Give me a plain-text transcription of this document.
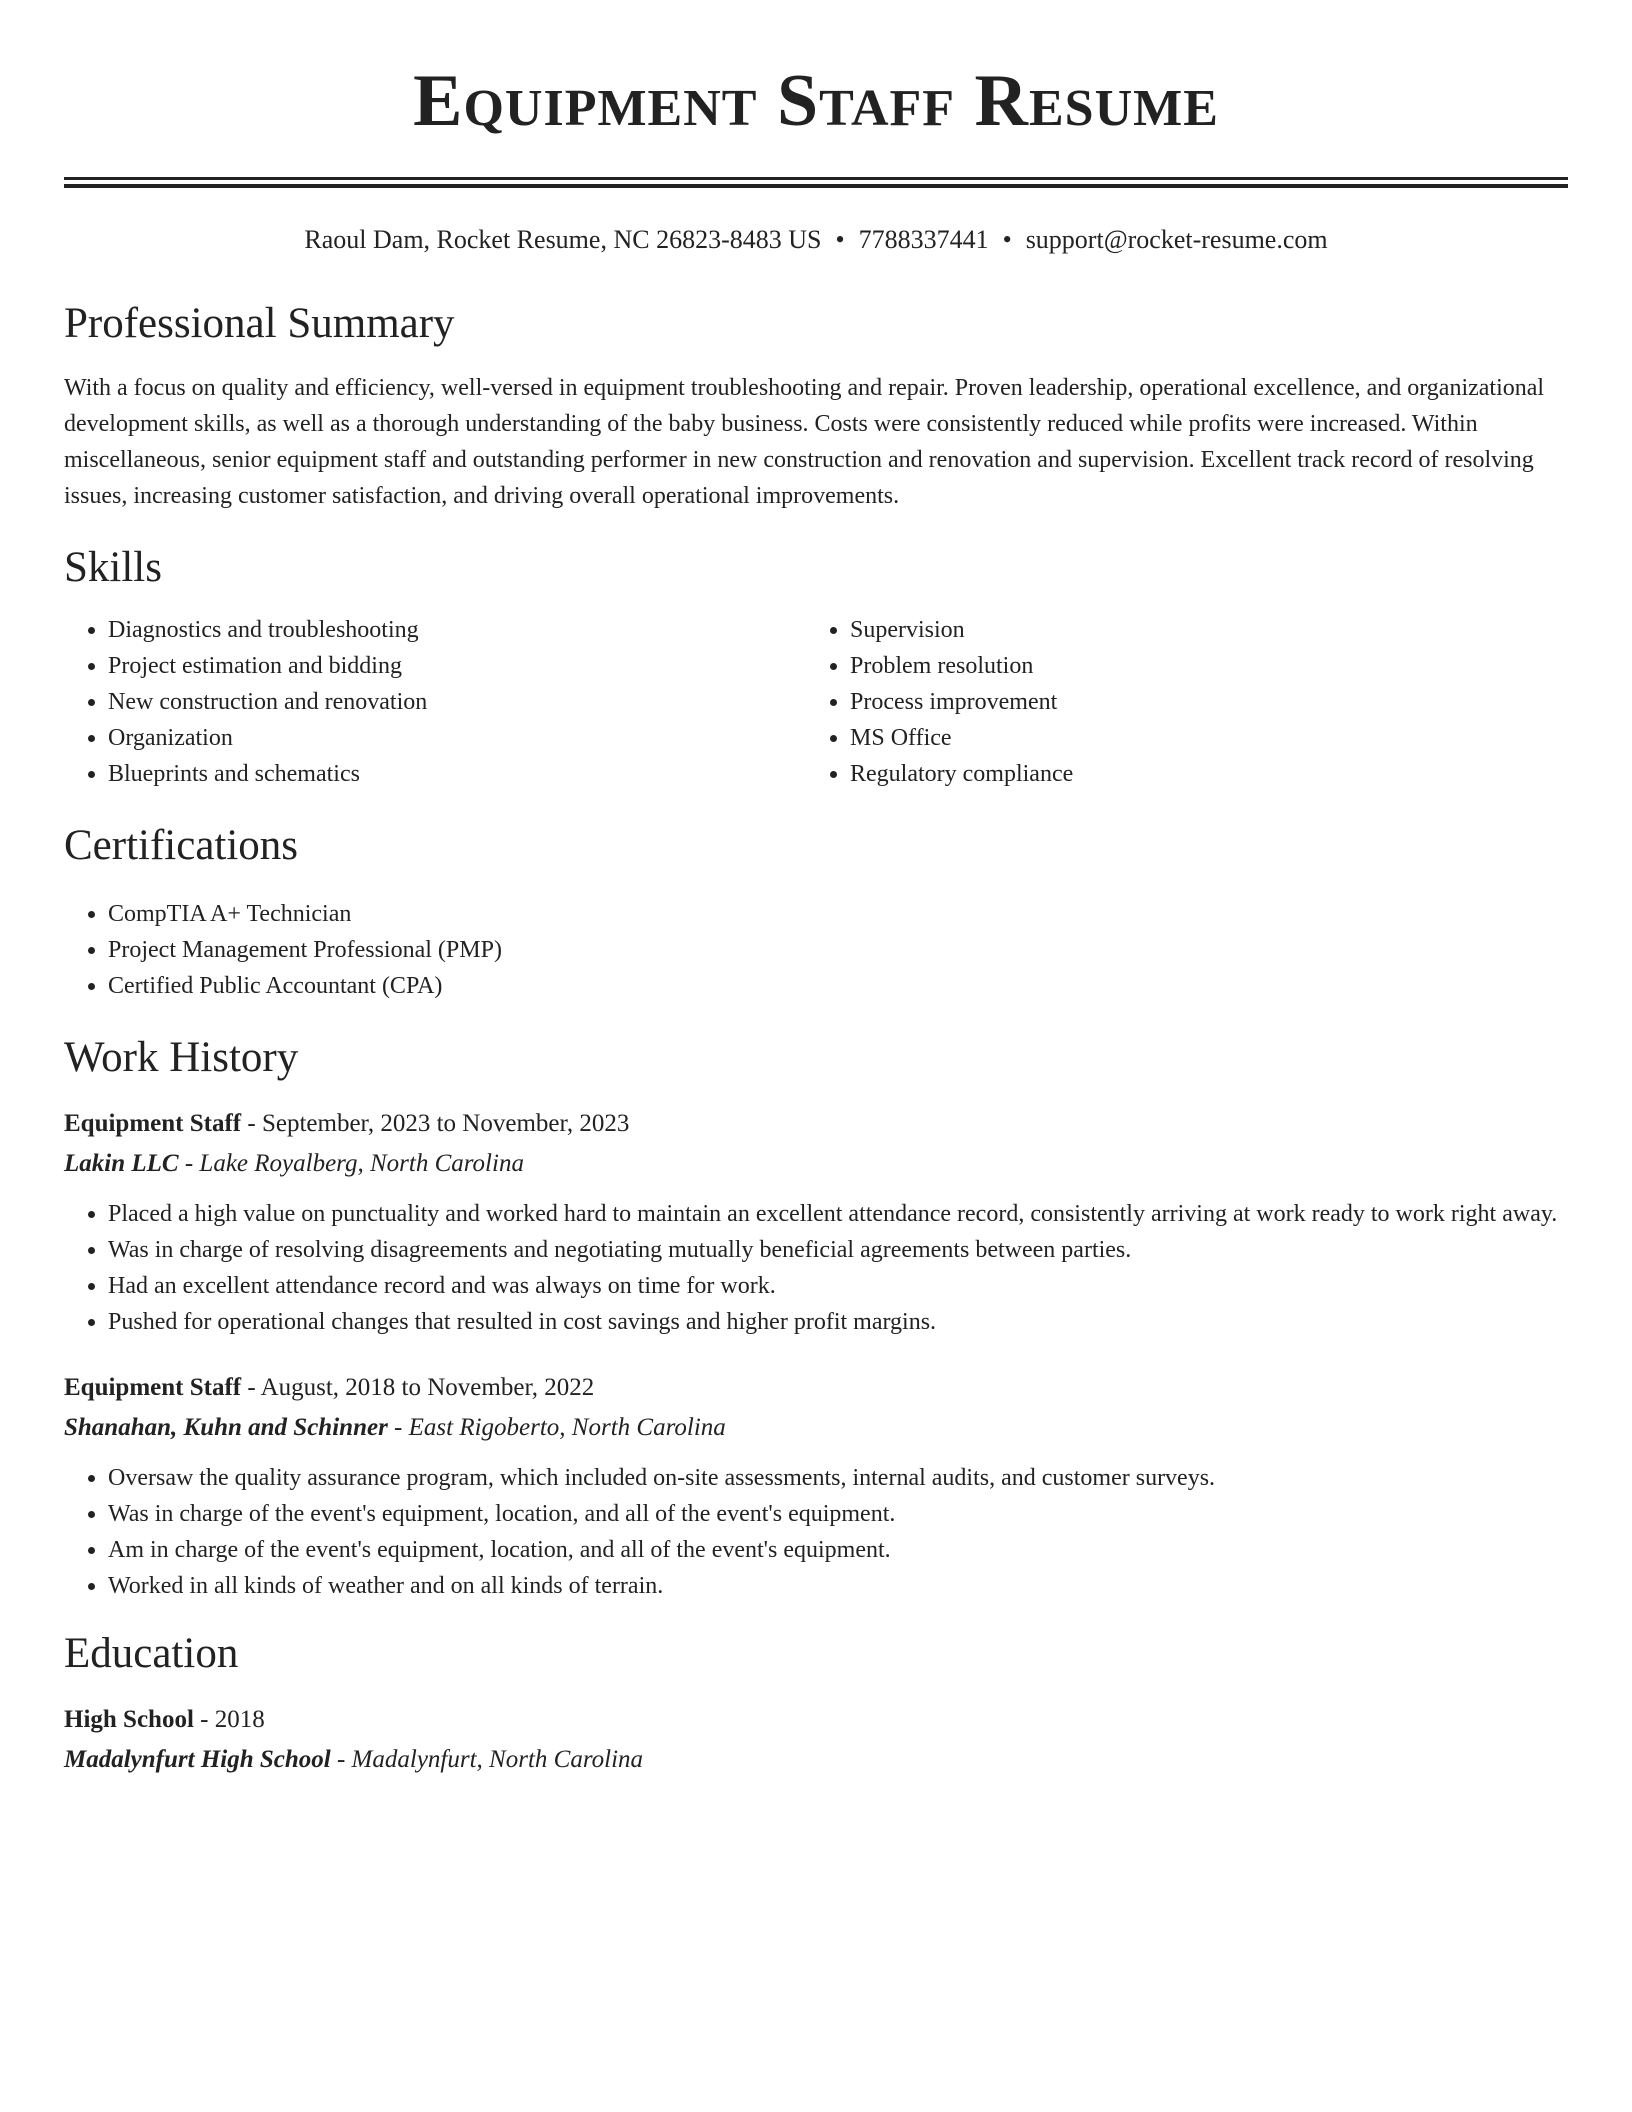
Equipment Staff Resume
Raoul Dam, Rocket Resume, NC 26823-8483 US • 7788337441 • support@rocket-resume.com
Professional Summary

With a focus on quality and efficiency, well-versed in equipment troubleshooting and repair. Proven leadership, operational excellence, and organizational development skills, as well as a thorough understanding of the baby business. Costs were consistently reduced while profits were increased. Within miscellaneous, senior equipment staff and outstanding performer in new construction and renovation and supervision. Excellent track record of resolving issues, increasing customer satisfaction, and driving overall operational improvements.

Skills
• Diagnostics and troubleshooting
• Project estimation and bidding
• New construction and renovation
• Organization
• Blueprints and schematics
• Supervision
• Problem resolution
• Process improvement
• MS Office
• Regulatory compliance
Certifications
• CompTIA A+ Technician
• Project Management Professional (PMP)
• Certified Public Accountant (CPA)
Work History
Equipment Staff - September, 2023 to November, 2023
Lakin LLC - Lake Royalberg, North Carolina
• Placed a high value on punctuality and worked hard to maintain an excellent attendance record, consistently arriving at work ready to work right away.
• Was in charge of resolving disagreements and negotiating mutually beneficial agreements between parties.
• Had an excellent attendance record and was always on time for work.
• Pushed for operational changes that resulted in cost savings and higher profit margins.
Equipment Staff - August, 2018 to November, 2022
Shanahan, Kuhn and Schinner - East Rigoberto, North Carolina
• Oversaw the quality assurance program, which included on-site assessments, internal audits, and customer surveys.
• Was in charge of the event's equipment, location, and all of the event's equipment.
• Am in charge of the event's equipment, location, and all of the event's equipment.
• Worked in all kinds of weather and on all kinds of terrain.
Education
High School - 2018
Madalynfurt High School - Madalynfurt, North Carolina
